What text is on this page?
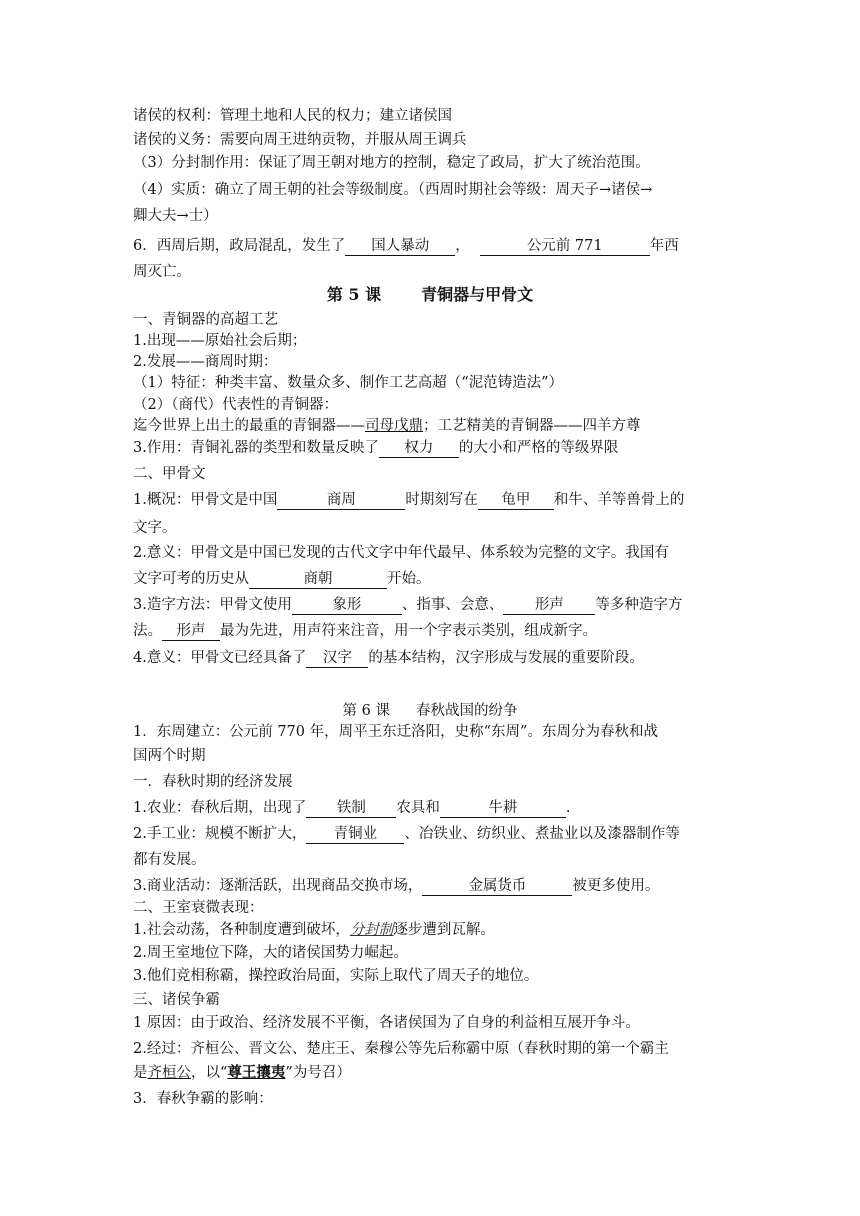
诸侯的权利：管理土地和人民的权力；建立诸侯国
诸侯的义务：需要向周王进纳贡物，并服从周王调兵
（3）分封制作用：保证了周王朝对地方的控制，稳定了政局，扩大了统治范围。
（4）实质：确立了周王朝的社会等级制度。（西周时期社会等级：周天子→诸侯→
卿大夫→士）
6．西周后期，政局混乱，发生了 国人暴动 ，	公元前 771	年西
周灭亡。
第 5 课	青铜器与甲骨文
一、青铜器的高超工艺
1.出现——原始社会后期；
2.发展——商周时期：
（1）特征：种类丰富、数量众多、制作工艺高超（“泥范铸造法”）
（2）（商代）代表性的青铜器：
迄今世界上出土的最重的青铜器——司母戊鼎；工艺精美的青铜器——四羊方尊
3.作用：青铜礼器的类型和数量反映了 权力 的大小和严格的等级界限
二、甲骨文
1.概况：甲骨文是中国	商周	时期刻写在 龟甲 和牛、羊等兽骨上的
文字。
2.意义：甲骨文是中国已发现的古代文字中年代最早、体系较为完整的文字。我国有
文字可考的历史从	商朝	开始。
3.造字方法：甲骨文使用	象形	、指事、会意、 形声 等多种造字方
法。 形声 最为先进，用声符来注音，用一个字表示类别，组成新字。
4.意义：甲骨文已经具备了 汉字 的基本结构，汉字形成与发展的重要阶段。
第 6 课 春秋战国的纷争
1．东周建立：公元前 770 年，周平王东迁洛阳，史称“东周”。东周分为春秋和战
国两个时期
一．春秋时期的经济发展
1.农业：春秋后期，出现了 铁制 农具和	牛耕	.
2.手工业：规模不断扩大， 青铜业 、冶铁业、纺织业、煮盐业以及漆器制作等
都有发展。
3.商业活动：逐渐活跃，出现商品交换市场，	金属货币	被更多使用。
二、王室衰微表现：
1.社会动荡，各种制度遭到破坏，分封制逐步遭到瓦解。
2.周王室地位下降，大的诸侯国势力崛起。
3.他们竞相称霸，操控政治局面，实际上取代了周天子的地位。
三、诸侯争霸
1 原因：由于政治、经济发展不平衡，各诸侯国为了自身的利益相互展开争斗。
2.经过：齐桓公、晋文公、楚庄王、秦穆公等先后称霸中原（春秋时期的第一个霸主
是齐桓公，以“尊王攘夷”为号召）
3．春秋争霸的影响：
